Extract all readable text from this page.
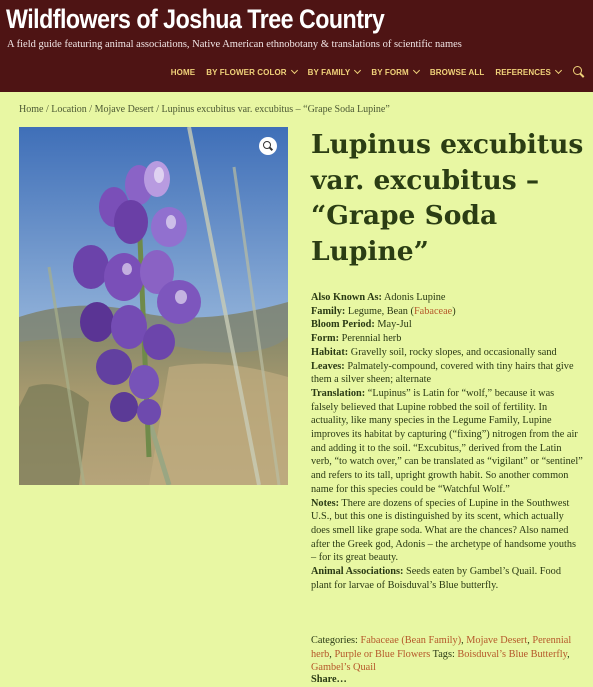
Wildflowers of Joshua Tree Country
A field guide featuring animal associations, Native American ethnobotany & translations of scientific names
HOME BY FLOWER COLOR	BY FAMILY	BY FORM	BROWSE ALL REFERENCES
Home / Location / Mojave Desert / Lupinus excubitus var. excubitus – “Grape Soda Lupine”
Lupinus excubitus var. excubitus – “Grape Soda Lupine”

Also Known As: Adonis Lupine

Family: Legume, Bean (Fabaceae)

Bloom Period: May-Jul

Form: Perennial herb

Habitat: Gravelly soil, rocky slopes, and occasionally sand

Leaves: Palmately-compound, covered with tiny hairs that give them a silver sheen; alternate

Translation: “Lupinus” is Latin for “wolf,” because it was falsely believed that Lupine robbed the soil of fertility. In actuality, like many species in the Legume Family, Lupine improves its habitat by capturing (“fixing”) nitrogen from the air and adding it to the soil. “Excubitus,” derived from the Latin verb, “to watch over,” can be translated as “vigilant” or “sentinel” and refers to its tall, upright growth habit. So another common name for this species could be “Watchful Wolf.”

Notes: There are dozens of species of Lupine in the Southwest U.S., but this one is distinguished by its scent, which actually does smell like grape soda. What are the chances? Also named after the Greek god, Adonis – the archetype of handsome youths – for its great beauty.

Animal Associations: Seeds eaten by Gambel’s Quail. Food plant for larvae of Boisduval’s Blue butterfly.

Categories: Fabaceae (Bean Family), Mojave Desert, Perennial herb, Purple or Blue Flowers Tags: Boisduval’s Blue Butterfly, Gambel’s Quail
Share…
